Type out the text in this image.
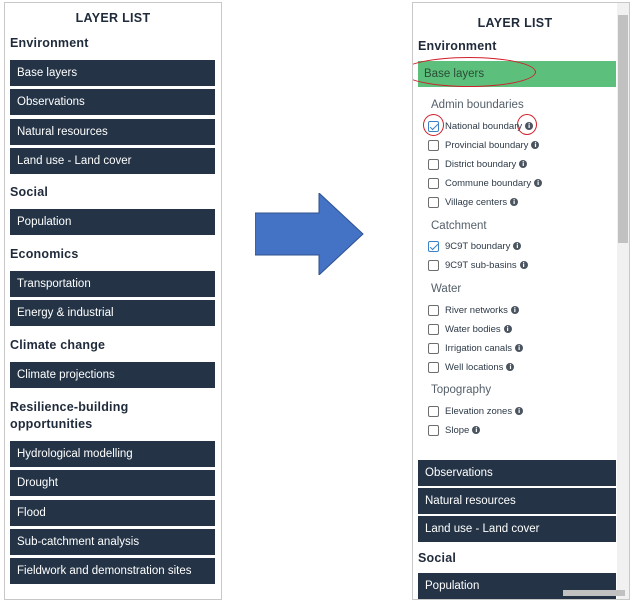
LAYER LIST
Environment
Base layers
Observations
Natural resources
Land use - Land cover
Social
Population
Economics
Transportation
Energy & industrial
Climate change
Climate projections
Resilience-building
opportunities
Hydrological modelling
Drought
Flood
Sub-catchment analysis
Fieldwork and demonstration sites
LAYER LIST
Environment
Base layers
Admin boundaries
National boundary i
Provincial boundary i
District boundary i
Commune boundary i
Village centers i
Catchment
9C9T boundary i
9C9T sub-basins i
Water
River networks i
Water bodies i
Irrigation canals i
Well locations i
Topography
Elevation zones i
Slope i
Observations
Natural resources
Land use - Land cover
Social
Population
